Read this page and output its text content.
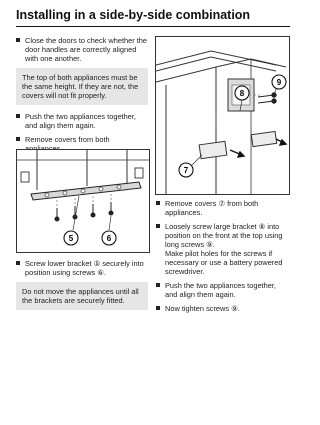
Installing in a side-by-side combination
Close the doors to check whether the door handles are correctly aligned with one another.
The top of both appliances must be the same height. If they are not, the covers will not fit properly.
Push the two appliances together, and align them again.
Remove covers from both
7
8
9
5	6
Screw lower bracket ⑤ securely into position using screws ⑥.
Do not move the appliances until all the brackets are securely fitted.
Remove covers ⑦ from both appliances.
Loosely screw large bracket ⑧ into position on the front at the top using long screws ⑨.
Make pilot holes for the screws if necessary or use a battery powered screwdriver.
Push the two appliances together, and align them again.
Now tighten screws ⑨.
